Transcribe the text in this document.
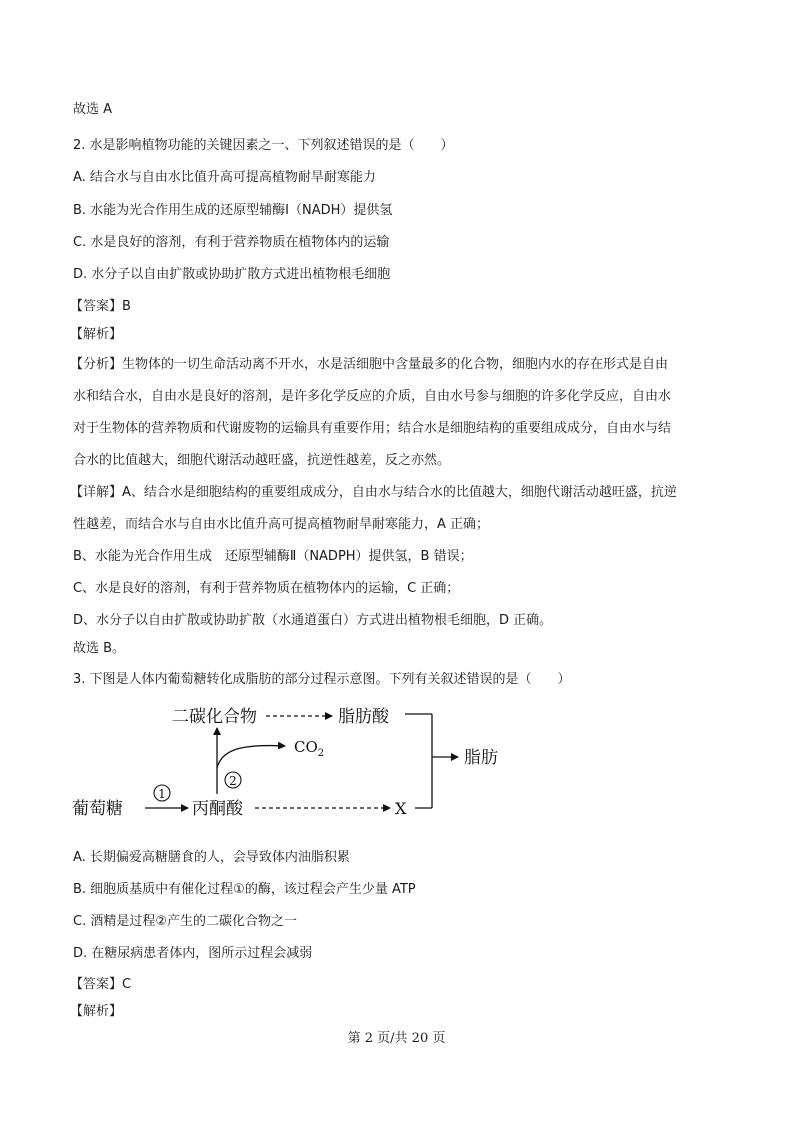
故选 A
2. 水是影响植物功能的关键因素之一、下列叙述错误的是（　　）
A. 结合水与自由水比值升高可提高植物耐旱耐寒能力
B. 水能为光合作用生成的还原型辅酶Ⅰ（NADH）提供氢
C. 水是良好的溶剂，有利于营养物质在植物体内的运输
D. 水分子以自由扩散或协助扩散方式进出植物根毛细胞
【答案】B
【解析】
【分析】生物体的一切生命活动离不开水，水是活细胞中含量最多的化合物，细胞内水的存在形式是自由
水和结合水，自由水是良好的溶剂，是许多化学反应的介质，自由水号参与细胞的许多化学反应，自由水
对于生物体的营养物质和代谢废物的运输具有重要作用；结合水是细胞结构的重要组成成分，自由水与结
合水的比值越大，细胞代谢活动越旺盛，抗逆性越差，反之亦然。
【详解】A、结合水是细胞结构的重要组成成分，自由水与结合水的比值越大，细胞代谢活动越旺盛，抗逆
性越差，而结合水与自由水比值升高可提高植物耐旱耐寒能力，A 正确；
B、水能为光合作用生成　还原型辅酶Ⅱ（NADPH）提供氢，B 错误；
C、水是良好的溶剂，有利于营养物质在植物体内的运输，C 正确；
D、水分子以自由扩散或协助扩散（水通道蛋白）方式进出植物根毛细胞，D 正确。
故选 B。
3. 下图是人体内葡萄糖转化成脂肪的部分过程示意图。下列有关叙述错误的是（　　）
二碳化合物	脂肪酸
脂肪
$CO_2$
2
葡萄糖
1
丙酮酸	X
A. 长期偏爱高糖膳食的人，会导致体内油脂积累
B. 细胞质基质中有催化过程①的酶，该过程会产生少量 ATP
C. 酒精是过程②产生的二碳化合物之一
D. 在糖尿病患者体内，图所示过程会减弱
【答案】C
【解析】
第 2 页/共 20 页
